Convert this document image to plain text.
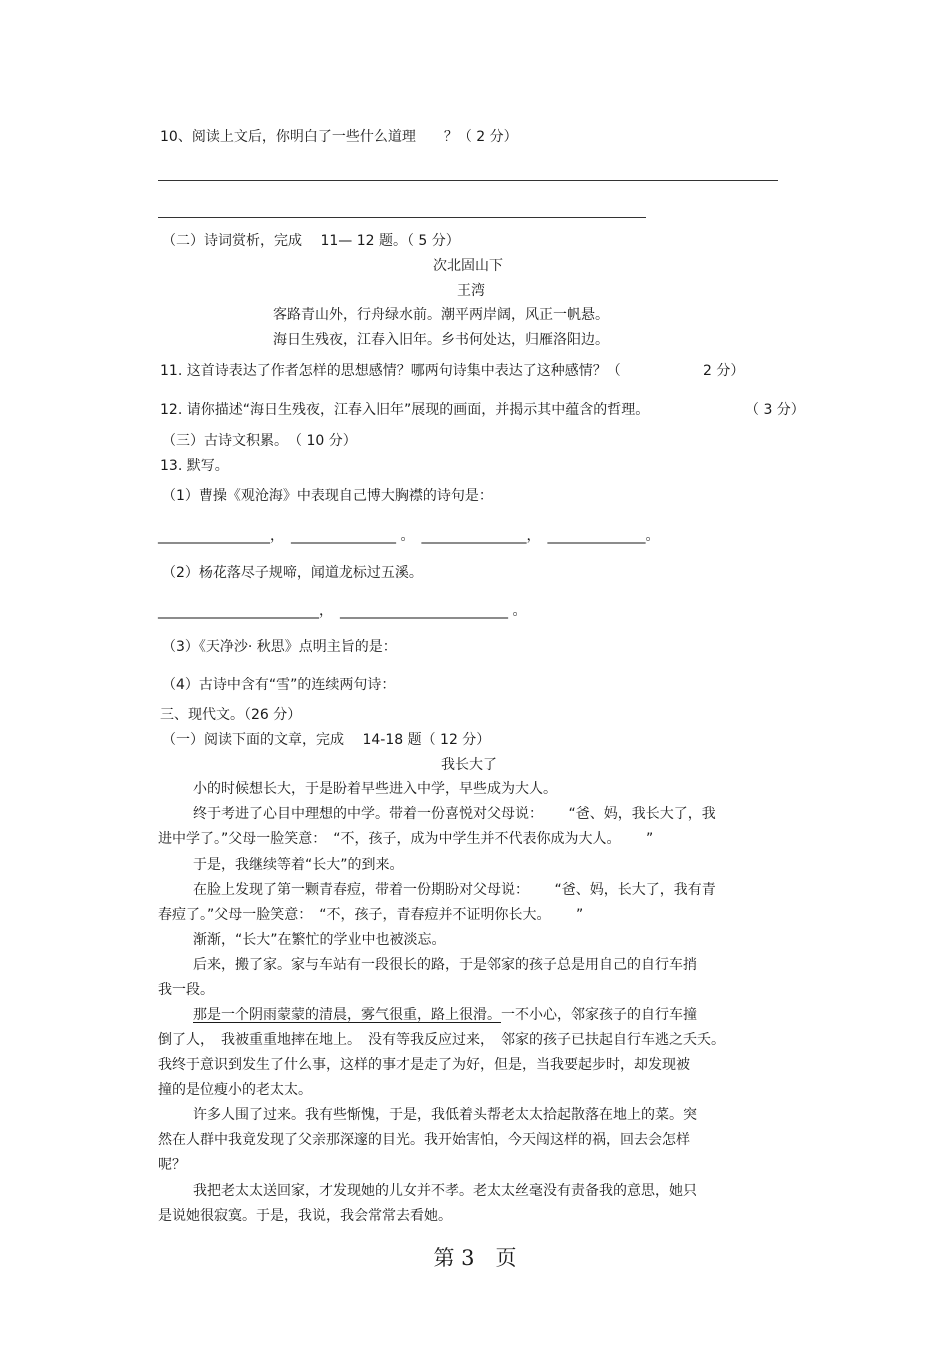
10、阅读上文后，你明白了一些什么道理　　？（ 2 分）
（二）诗词赏析，完成　 11— 12 题。（ 5 分）
次北固山下
王湾
客路青山外，行舟绿水前。潮平两岸阔，风正一帆悬。
海日生残夜，江春入旧年。乡书何处达，归雁洛阳边。
11. 这首诗表达了作者怎样的思想感情？哪两句诗集中表达了这种感情？（	2 分）
12. 请你描述“海日生残夜，江春入旧年”展现的画面，并揭示其中蕴含的哲理。	（ 3 分）
（三）古诗文积累。　（ 10 分）
13. 默写。
（1）曹操《观沧海》中表现自己博大胸襟的诗句是：
________________，　_______________ 。　_______________，　______________。
（2）杨花落尽子规啼，闻道龙标过五溪。
_______________________，　________________________ 。
（3）《天净沙· 秋思》点明主旨的是：
（4）古诗中含有“雪”的连续两句诗：
三、现代文。（26 分）
（一）阅读下面的文章，完成　 14-18 题（ 12 分）
我长大了
小的时候想长大，于是盼着早些进入中学，早些成为大人。
终于考进了心目中理想的中学。带着一份喜悦对父母说：　　 “爸、妈，我长大了，我
进中学了。”父母一脸笑意：　“不，孩子，成为中学生并不代表你成为大人。　　 ”
于是，我继续等着“长大”的到来。
在脸上发现了第一颗青春痘，带着一份期盼对父母说：　　 “爸、妈，长大了，我有青
春痘了。”父母一脸笑意：　“不，孩子，青春痘并不证明你长大。　　 ”
渐渐，“长大”在繁忙的学业中也被淡忘。
后来，搬了家。家与车站有一段很长的路，于是邻家的孩子总是用自己的自行车捎
我一段。
那是一个阴雨蒙蒙的清晨，雾气很重，路上很滑。一不小心，邻家孩子的自行车撞
倒了人，　我被重重地摔在地上。　没有等我反应过来，　邻家的孩子已扶起自行车逃之夭夭。
我终于意识到发生了什么事，这样的事才是走了为好，但是，当我要起步时，却发现被
撞的是位瘦小的老太太。
许多人围了过来。我有些惭愧，于是，我低着头帮老太太拾起散落在地上的菜。突
然在人群中我竟发现了父亲那深邃的目光。我开始害怕，今天闯这样的祸，回去会怎样
呢？
我把老太太送回家，才发现她的儿女并不孝。老太太丝毫没有责备我的意思，她只
是说她很寂寞。于是，我说，我会常常去看她。
第 3　页
